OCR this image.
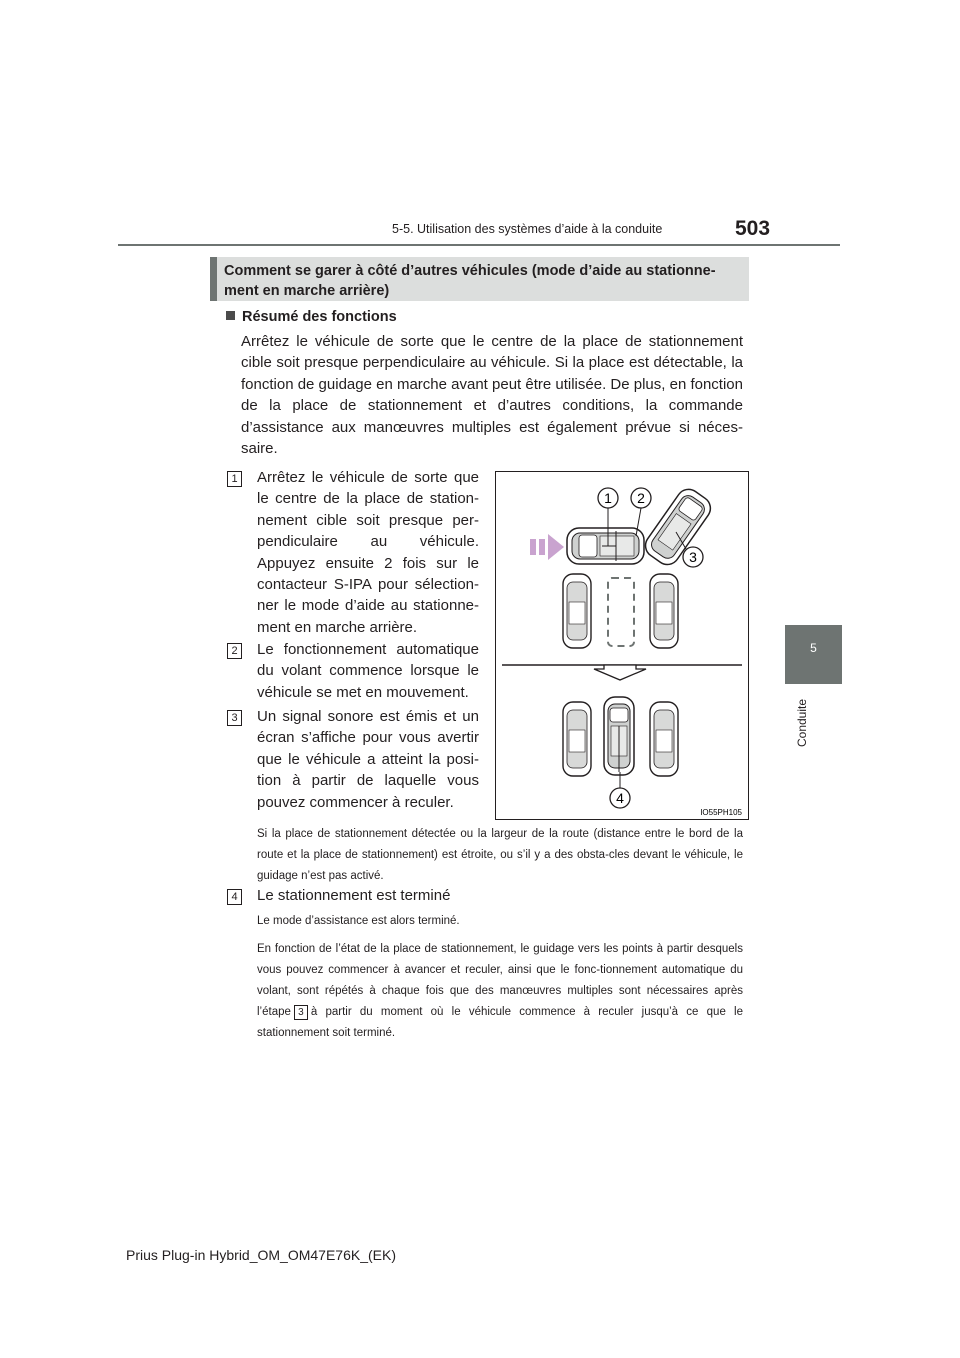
503
5-5. Utilisation des systèmes d’aide à la conduite
5
Conduite
Comment se garer à côté d’autres véhicules (mode d’aide au stationne-
ment en marche arrière)
Résumé des fonctions
Arrêtez le véhicule de sorte que le centre de la place de stationnement cible soit presque perpendiculaire au véhicule. Si la place est détectable, la fonction de guidage en marche avant peut être utilisée. De plus, en fonction de la place de stationnement et d’autres conditions, la commande d’assistance aux manœuvres multiples est également prévue si néces-saire.
1 Arrêtez le véhicule de sorte que le centre de la place de station-nement cible soit presque per-pendiculaire au véhicule. Appuyez ensuite 2 fois sur le contacteur S-IPA pour sélection-ner le mode d’aide au stationne-ment en marche arrière.
2 Le fonctionnement automatique du volant commence lorsque le véhicule se met en mouvement.
3 Un signal sonore est émis et un écran s’affiche pour vous avertir que le véhicule a atteint la posi-tion à partir de laquelle vous pouvez commencer à reculer.
Si la place de stationnement détectée ou la largeur de la route (distance entre le bord de la route et la place de stationnement) est étroite, ou s’il y a des obsta-cles devant le véhicule, le guidage n’est pas activé.
4 Le stationnement est terminé
Le mode d’assistance est alors terminé.
En fonction de l’état de la place de stationnement, le guidage vers les points à partir desquels vous pouvez commencer à avancer et reculer, ainsi que le fonc-tionnement automatique du volant, sont répétés à chaque fois que des manœuvres multiples sont nécessaires après l’étape 3 à partir du moment où le véhicule commence à reculer jusqu’à ce que le stationnement soit terminé.
1 2
3
4
IO55PH105
Prius Plug-in Hybrid_OM_OM47E76K_(EK)
